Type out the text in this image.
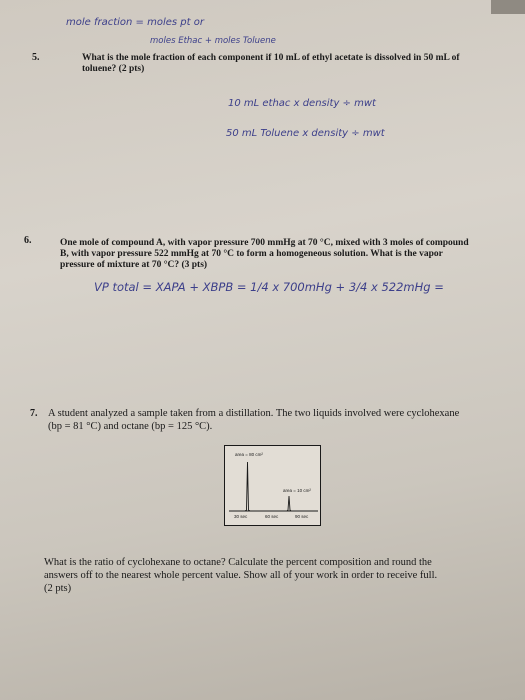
mole fraction = moles pt or
moles Ethac + moles Toluene
5.	What is the mole fraction of each component if 10 mL of ethyl acetate is dissolved in 50 mL of
toluene? (2 pts)
10 mL ethac x density ÷ mwt
50 mL Toluene x density ÷ mwt
6.	One mole of compound A, with vapor pressure 700 mmHg at 70 °C, mixed with 3 moles of compound
B, with vapor pressure 522 mmHg at 70 °C to form a homogeneous solution. What is the vapor
pressure of mixture at 70 °C? (3 pts)
VP total = XAPA + XBPB = 1/4 x 700mHg + 3/4 x 522mHg =
7. A student analyzed a sample taken from a distillation. The two liquids involved were cyclohexane
(bp = 81 °C) and octane (bp = 125 °C).
area = 80 cm²
area = 10 cm²
30 sec	60 sec	90 sec
What is the ratio of cyclohexane to octane? Calculate the percent composition and round the
answers off to the nearest whole percent value. Show all of your work in order to receive full.
(2 pts)
